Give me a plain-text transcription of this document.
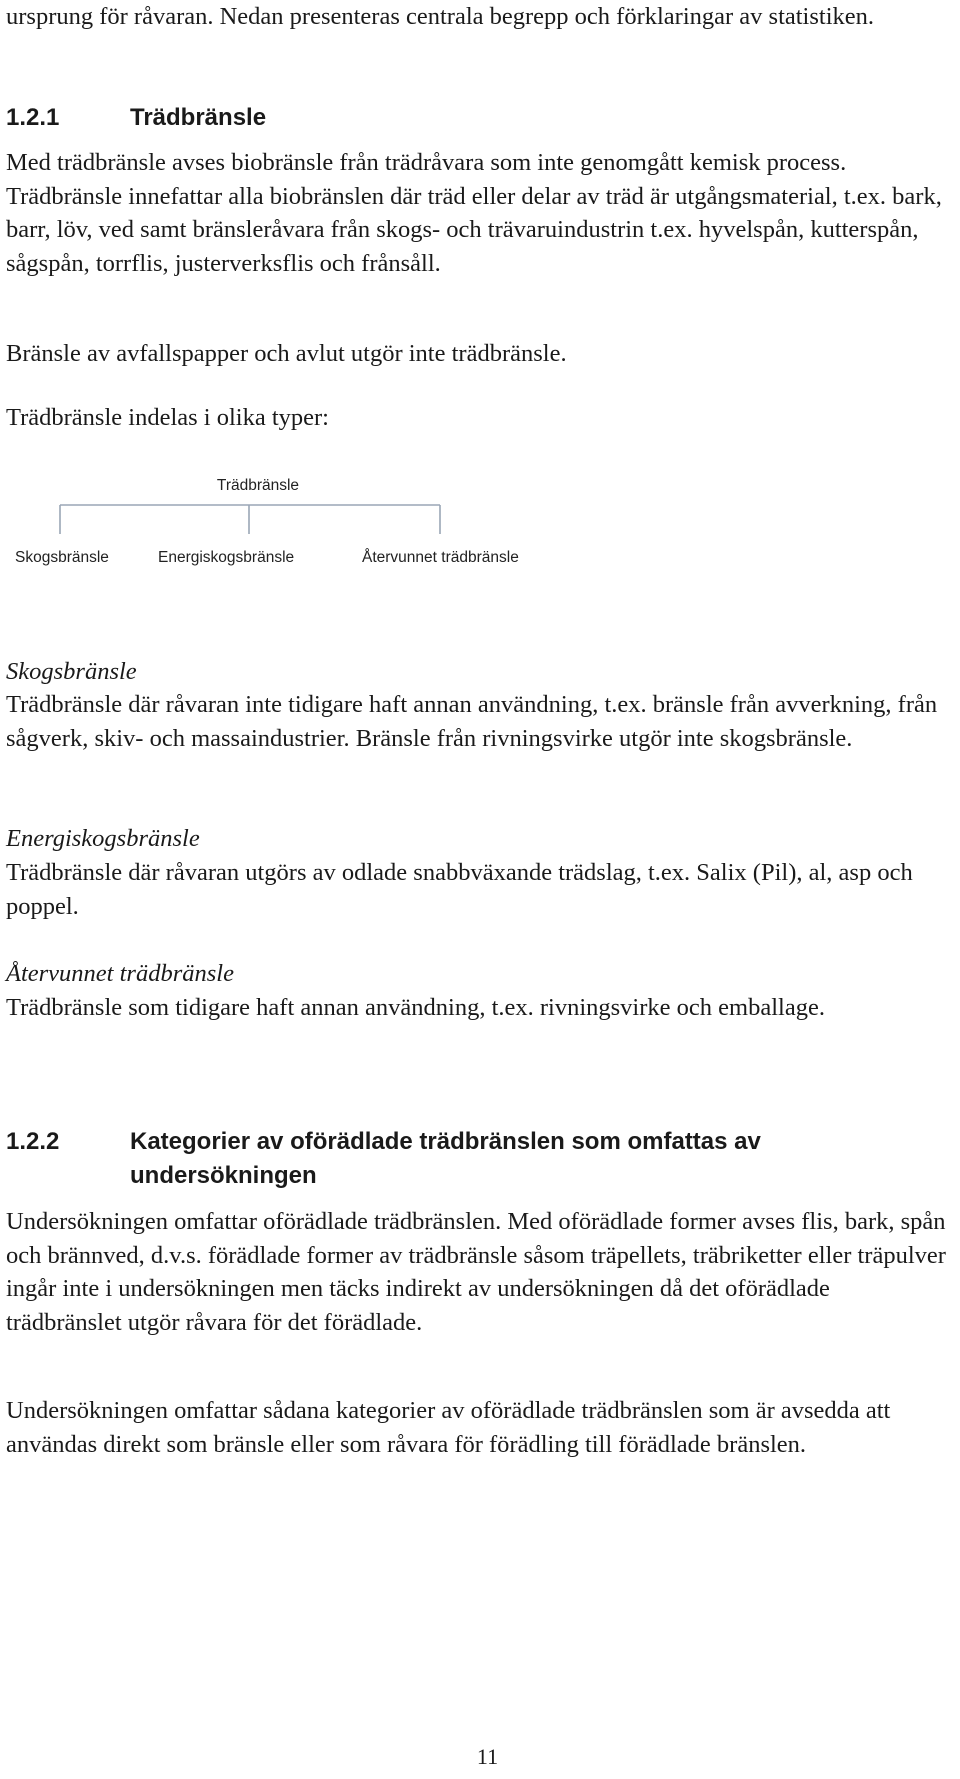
ursprung för råvaran. Nedan presenteras centrala begrepp och förklaringar av statistiken.

1.2.1	Trädbränsle

Med trädbränsle avses biobränsle från trädråvara som inte genomgått kemisk process. Trädbränsle innefattar alla biobränslen där träd eller delar av träd är utgångsmaterial, t.ex. bark, barr, löv, ved samt bränsleråvara från skogs- och trävaruindustrin t.ex. hyvelspån, kutterspån, sågspån, torrflis, justerverksflis och frånsåll.

Bränsle av avfallspapper och avlut utgör inte trädbränsle.

Trädbränsle indelas i olika typer:

Trädbränsle
Skogsbränsle	Energiskogsbränsle	Återvunnet trädbränsle
Skogsbränsle

Trädbränsle där råvaran inte tidigare haft annan användning, t.ex. bränsle från avverkning, från sågverk, skiv- och massaindustrier. Bränsle från rivningsvirke utgör inte skogsbränsle.

Energiskogsbränsle

Trädbränsle där råvaran utgörs av odlade snabbväxande trädslag, t.ex. Salix (Pil), al, asp och poppel.

Återvunnet trädbränsle

Trädbränsle som tidigare haft annan användning, t.ex. rivningsvirke och emballage.

1.2.2	Kategorier av oförädlade trädbränslen som omfattas av undersökningen

Undersökningen omfattar oförädlade trädbränslen. Med oförädlade former avses flis, bark, spån och brännved, d.v.s. förädlade former av trädbränsle såsom träpellets, träbriketter eller träpulver ingår inte i undersökningen men täcks indirekt av undersökningen då det oförädlade trädbränslet utgör råvara för det förädlade.

Undersökningen omfattar sådana kategorier av oförädlade trädbränslen som är avsedda att användas direkt som bränsle eller som råvara för förädling till förädlade bränslen.

11
